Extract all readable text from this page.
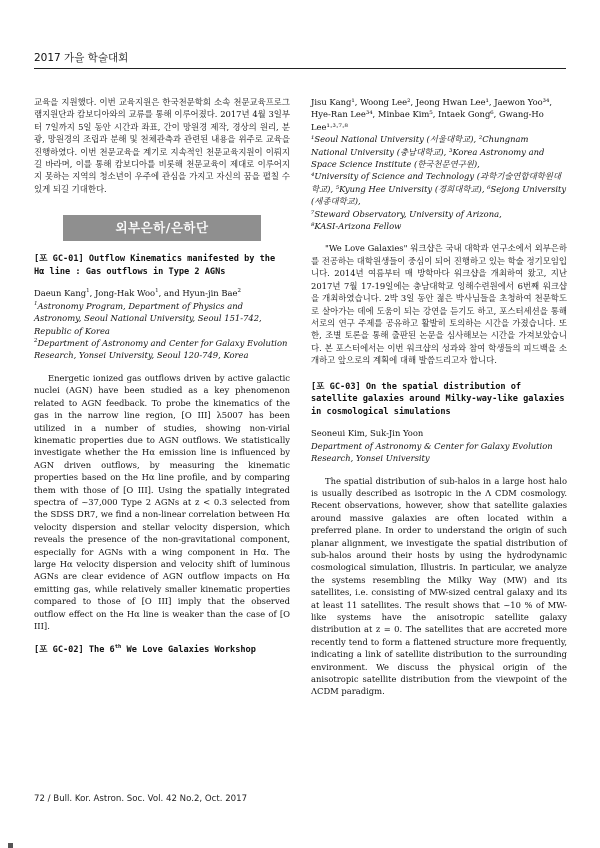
2017 가을 학술대회

교육을 지원했다. 이번 교육지원은 한국천문학회 소속 천문교육프로그램지원단과 캄보디아와의 교류를 통해 이루어졌다. 2017년 4월 3일부터 7일까지 5일 동안 시간과 좌표, 간이 망원경 제작, 경상의 원리, 분광, 망원경의 조립과 분해 및 천체관측과 관련된 내용을 위주로 교육을 진행하였다. 이번 천문교육을 계기로 지속적인 천문교육지원이 이뤄지길 바라며, 이를 통해 캄보디아를 비롯해 천문교육이 제대로 이루어지지 못하는 지역의 청소년이 우주에 관심을 가지고 자신의 꿈을 펼칠 수 있게 되길 기대한다.

외부은하/은하단

[포 GC-01] Outflow Kinematics manifested by the Hα line : Gas outflows in Type 2 AGNs

Daeun Kang$^1$, Jong-Hak Woo$^1$, and Hyun-jin Bae$^2$

$^1$Astronomy Program, Department of Physics and Astronomy, Seoul National University, Seoul 151-742, Republic of Korea

$^2$Department of Astronomy and Center for Galaxy Evolution Research, Yonsei University, Seoul 120-749, Korea

Energetic ionized gas outflows driven by active galactic nuclei (AGN) have been studied as a key phenomenon related to AGN feedback. To probe the kinematics of the gas in the narrow line region, [O III] λ5007 has been utilized in a number of studies, showing non-virial kinematic properties due to AGN outflows. We statistically investigate whether the Hα emission line is influenced by AGN driven outflows, by measuring the kinematic properties based on the Hα line profile, and by comparing them with those of [O III]. Using the spatially integrated spectra of ~37,000 Type 2 AGNs at z < 0.3 selected from the SDSS DR7, we find a non-linear correlation between Hα velocity dispersion and stellar velocity dispersion, which reveals the presence of the non-gravitational component, especially for AGNs with a wing component in Hα. The large Hα velocity dispersion and velocity shift of luminous AGNs are clear evidence of AGN outflow impacts on Hα emitting gas, while relatively smaller kinematic properties compared to those of [O III] imply that the observed outflow effect on the Hα line is weaker than the case of [O III].

[포 GC-02] The 6th We Love Galaxies Workshop

Jisu Kang¹, Woong Lee², Jeong Hwan Lee¹, Jaewon Yoo³⁴, Hye-Ran Lee³⁴, Minbae Kim⁵, Intaek Gong⁶, Gwang-Ho Lee¹·³·⁷·⁸

¹Seoul National University (서울대학교), ²Chungnam National University (충남대학교), ³Korea Astronomy and Space Science Institute (한국천문연구원),

⁴University of Science and Technology (과학기술연합대학원대학교), ⁵Kyung Hee University (경희대학교), ⁶Sejong University (세종대학교),

⁷Steward Observatory, University of Arizona,

⁸KASI-Arizona Fellow

"We Love Galaxies" 워크샵은 국내 대학과 연구소에서 외부은하를 전공하는 대학원생들이 중심이 되어 진행하고 있는 학술 정기모임입니다. 2014년 여름부터 매 방학마다 워크샵을 개최하여 왔고, 지난 2017년 7월 17-19일에는 충남대학교 잉해수련원에서 6번째 워크샵을 개최하였습니다. 2박 3일 동안 젊은 박사님들을 초청하여 천문학도로 살아가는 데에 도움이 되는 강연을 듣기도 하고, 포스터세션을 통해 서로의 연구 주제를 공유하고 활발히 토의하는 시간을 가졌습니다. 또한, 조별 토론을 통해 출판된 논문을 심사해보는 시간을 가져보았습니다. 본 포스터에서는 이번 워크샵의 성과와 참여 학생들의 피드백을 소개하고 앞으로의 계획에 대해 발씀드리고자 합니다.

[포 GC-03] On the spatial distribution of satellite galaxies around Milky-way-like galaxies in cosmological simulations

Seoneui Kim, Suk-Jin Yoon

Department of Astronomy & Center for Galaxy Evolution Research, Yonsei University

The spatial distribution of sub-halos in a large host halo is usually described as isotropic in the Λ CDM cosmology. Recent observations, however, show that satellite galaxies around massive galaxies are often located within a preferred plane. In order to understand the origin of such planar alignment, we investigate the spatial distribution of sub-halos around their hosts by using the hydrodynamic cosmological simulation, Illustris. In particular, we analyze the systems resembling the Milky Way (MW) and its satellites, i.e. consisting of MW-sized central galaxy and its at least 11 satellites. The result shows that ~10 % of MW-like systems have the anisotropic satellite galaxy distribution at z = 0. The satellites that are accreted more recently tend to form a flattened structure more frequently, indicating a link of satellite distribution to the surrounding environment. We discuss the physical origin of the anisotropic satellite distribution from the viewpoint of the ΛCDM paradigm.

72 / Bull. Kor. Astron. Soc. Vol. 42 No.2, Oct. 2017
